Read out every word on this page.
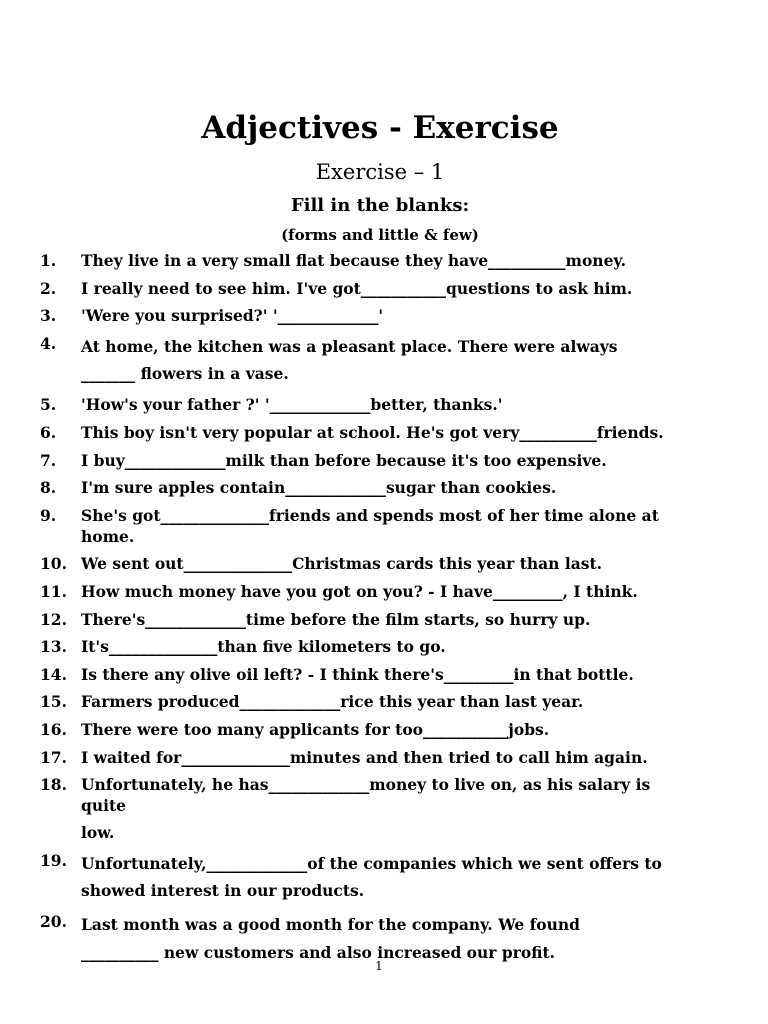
Adjectives - Exercise
Exercise – 1
Fill in the blanks:
(forms and little & few)
1. They live in a very small flat because they have__________money.
2. I really need to see him. I've got___________questions to ask him.
3. 'Were you surprised?' '_____________'
4. At home, the kitchen was a pleasant place. There were always
_______ flowers in a vase.
5. 'How's your father ?' '_____________better, thanks.'
6. This boy isn't very popular at school. He's got very__________friends.
7. I buy_____________milk than before because it's too expensive.
8. I'm sure apples contain_____________sugar than cookies.
9. She's got______________friends and spends most of her time alone at
home.
10. We sent out______________Christmas cards this year than last.
11. How much money have you got on you? - I have_________, I think.
12. There's_____________time before the film starts, so hurry up.
13. It's______________than five kilometers to go.
14. Is there any olive oil left? - I think there's_________in that bottle.
15. Farmers produced_____________rice this year than last year.
16. There were too many applicants for too___________jobs.
17. I waited for______________minutes and then tried to call him again.
18. Unfortunately, he has_____________money to live on, as his salary is
quite
low.
19. Unfortunately,_____________of the companies which we sent offers to
showed interest in our products.
20. Last month was a good month for the company. We found
__________ new customers and also increased our profit.
1
